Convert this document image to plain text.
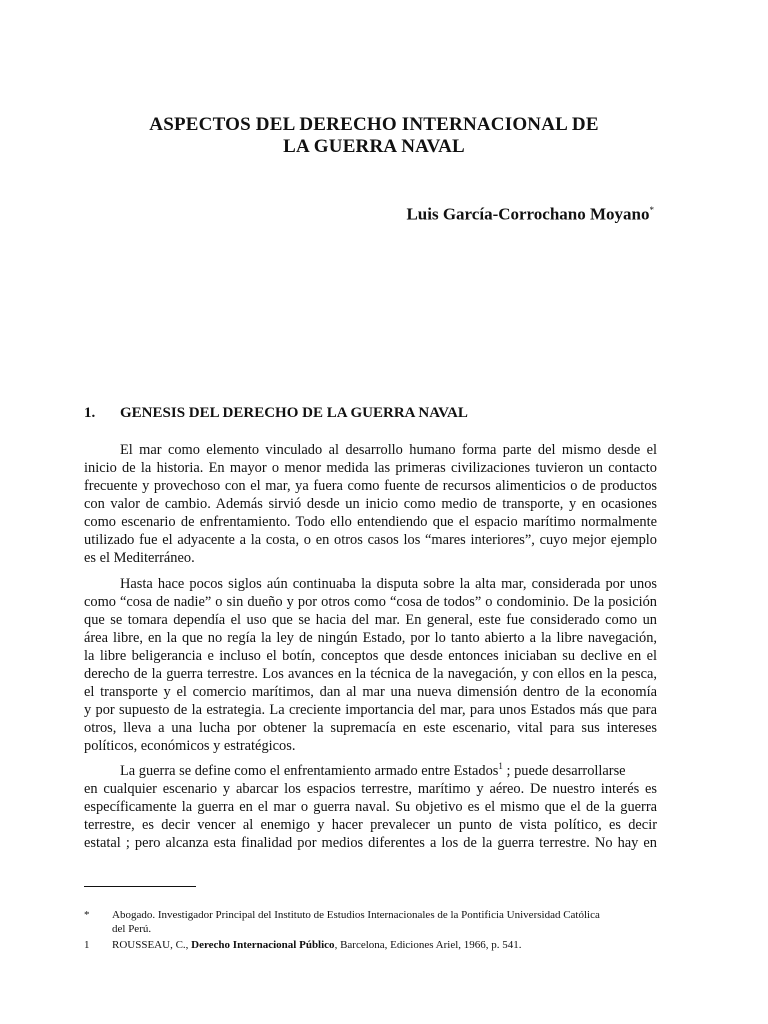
ASPECTOS DEL DERECHO INTERNACIONAL DE
LA GUERRA NAVAL
Luis García-Corrochano Moyano*
1. GENESIS DEL DERECHO DE LA GUERRA NAVAL
El mar como elemento vinculado al desarrollo humano forma parte del mismo desde el
inicio de la historia. En mayor o menor medida las primeras civilizaciones tuvieron un contacto
frecuente y provechoso con el mar, ya fuera como fuente de recursos alimenticios o de productos
con valor de cambio. Además sirvió desde un inicio como medio de transporte, y en ocasiones
como escenario de enfrentamiento. Todo ello entendiendo que el espacio marítimo normalmente
utilizado fue el adyacente a la costa, o en otros casos los “mares interiores”, cuyo mejor ejemplo
es el Mediterráneo.
Hasta hace pocos siglos aún continuaba la disputa sobre la alta mar, considerada por unos
como “cosa de nadie” o sin dueño y por otros como “cosa de todos” o condominio. De la posición
que se tomara dependía el uso que se hacia del mar. En general, este fue considerado como un
área libre, en la que no regía la ley de ningún Estado, por lo tanto abierto a la libre navegación,
la libre beligerancia e incluso el botín, conceptos que desde entonces iniciaban su declive en el
derecho de la guerra terrestre. Los avances en la técnica de la navegación, y con ellos en la pesca,
el transporte y el comercio marítimos, dan al mar una nueva dimensión dentro de la economía
y por supuesto de la estrategia. La creciente importancia del mar, para unos Estados más que para
otros, lleva a una lucha por obtener la supremacía en este escenario, vital para sus intereses
políticos, económicos y estratégicos.
La guerra se define como el enfrentamiento armado entre Estados$^1$ ; puede desarrollarse
en cualquier escenario y abarcar los espacios terrestre, marítimo y aéreo. De nuestro interés es
específicamente la guerra en el mar o guerra naval. Su objetivo es el mismo que el de la guerra
terrestre, es decir vencer al enemigo y hacer prevalecer un punto de vista político, es decir
estatal ; pero alcanza esta finalidad por medios diferentes a los de la guerra terrestre. No hay en
*	Abogado. Investigador Principal del Instituto de Estudios Internacionales de la Pontificia Universidad Católica
del Perú.
1	ROUSSEAU, C., Derecho Internacional Público, Barcelona, Ediciones Ariel, 1966, p. 541.
